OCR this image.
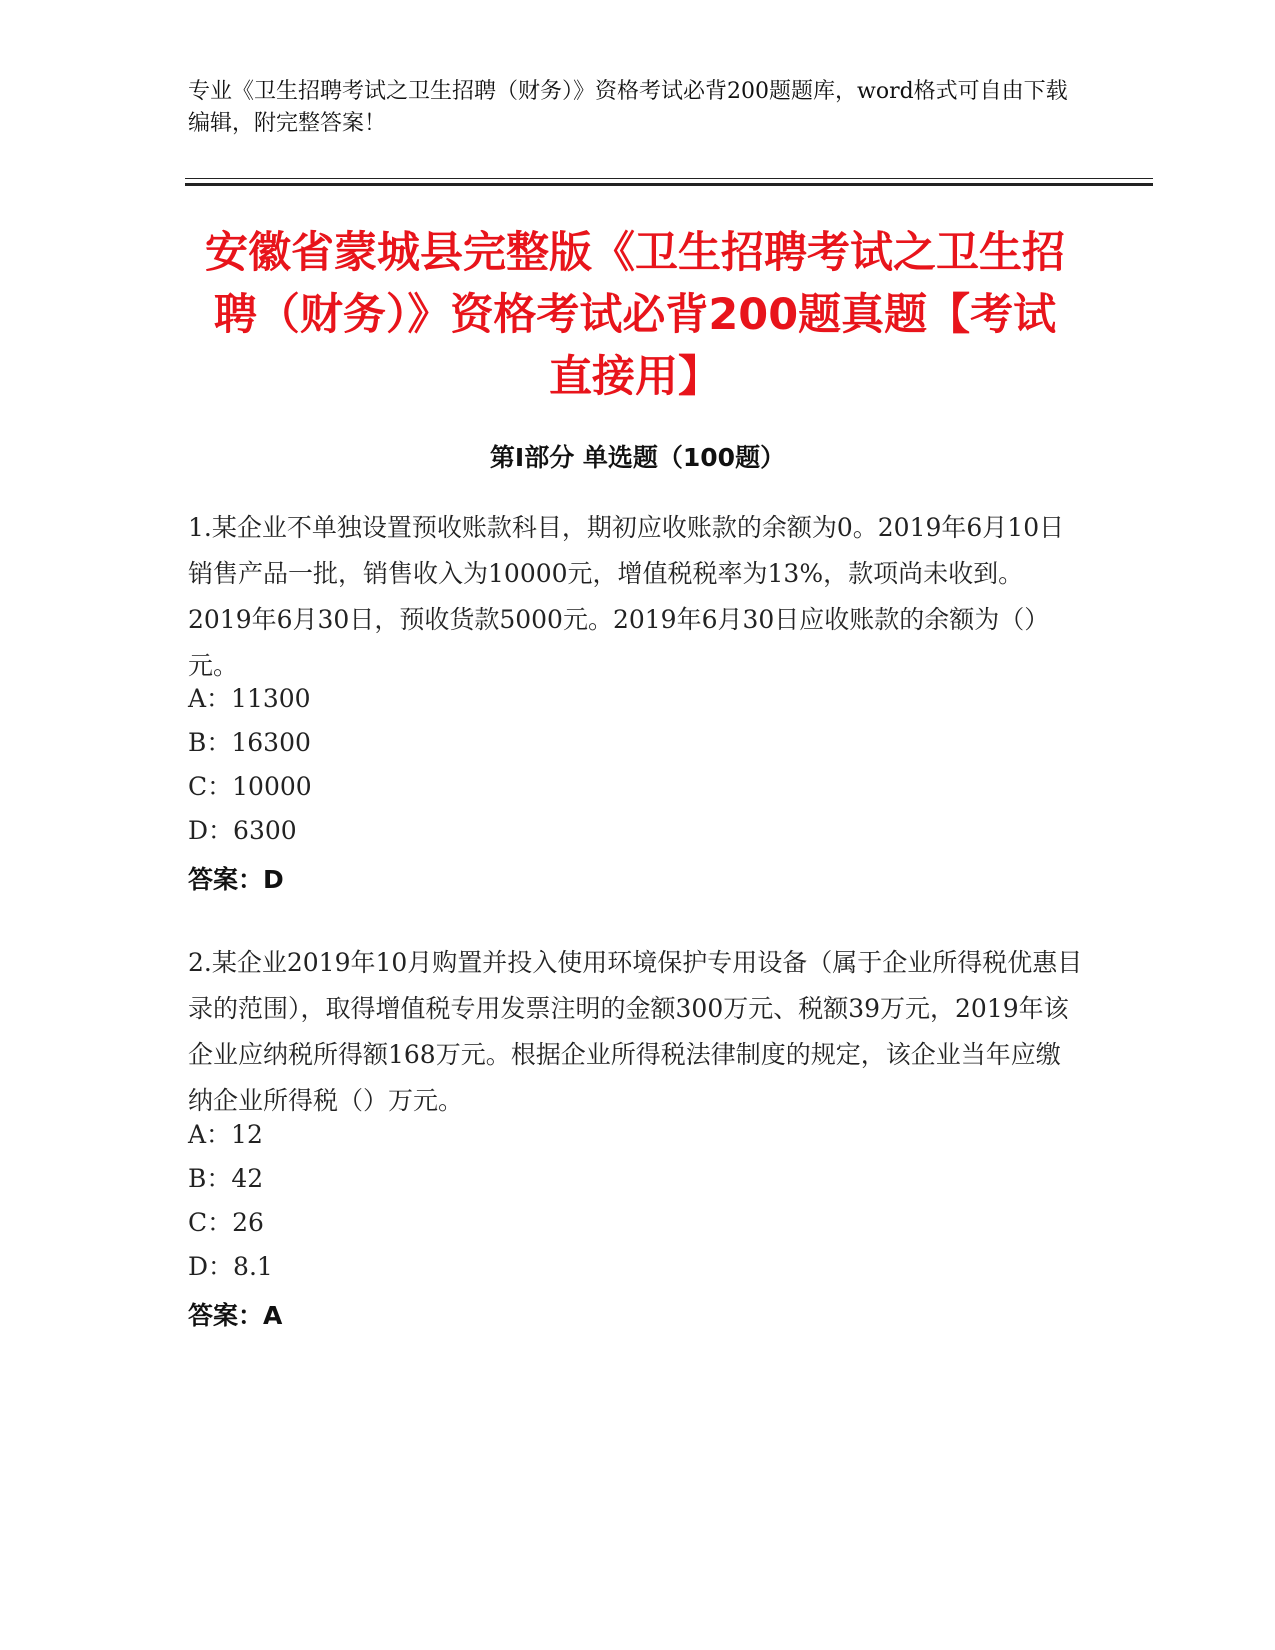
专业《卫生招聘考试之卫生招聘（财务）》资格考试必背200题题库，word格式可自由下载编辑，附完整答案！
安徽省蒙城县完整版《卫生招聘考试之卫生招聘（财务）》资格考试必背200题真题【考试直接用】
第Ⅰ部分 单选题（100题）
1.某企业不单独设置预收账款科目，期初应收账款的余额为0。2019年6月10日销售产品一批，销售收入为10000元，增值税税率为13%，款项尚未收到。2019年6月30日，预收货款5000元。2019年6月30日应收账款的余额为（）元。
A：11300
B：16300
C：10000
D：6300
答案：D
2.某企业2019年10月购置并投入使用环境保护专用设备（属于企业所得税优惠目录的范围），取得增值税专用发票注明的金额300万元、税额39万元，2019年该企业应纳税所得额168万元。根据企业所得税法律制度的规定，该企业当年应缴纳企业所得税（）万元。
A：12
B：42
C：26
D：8.1
答案：A
